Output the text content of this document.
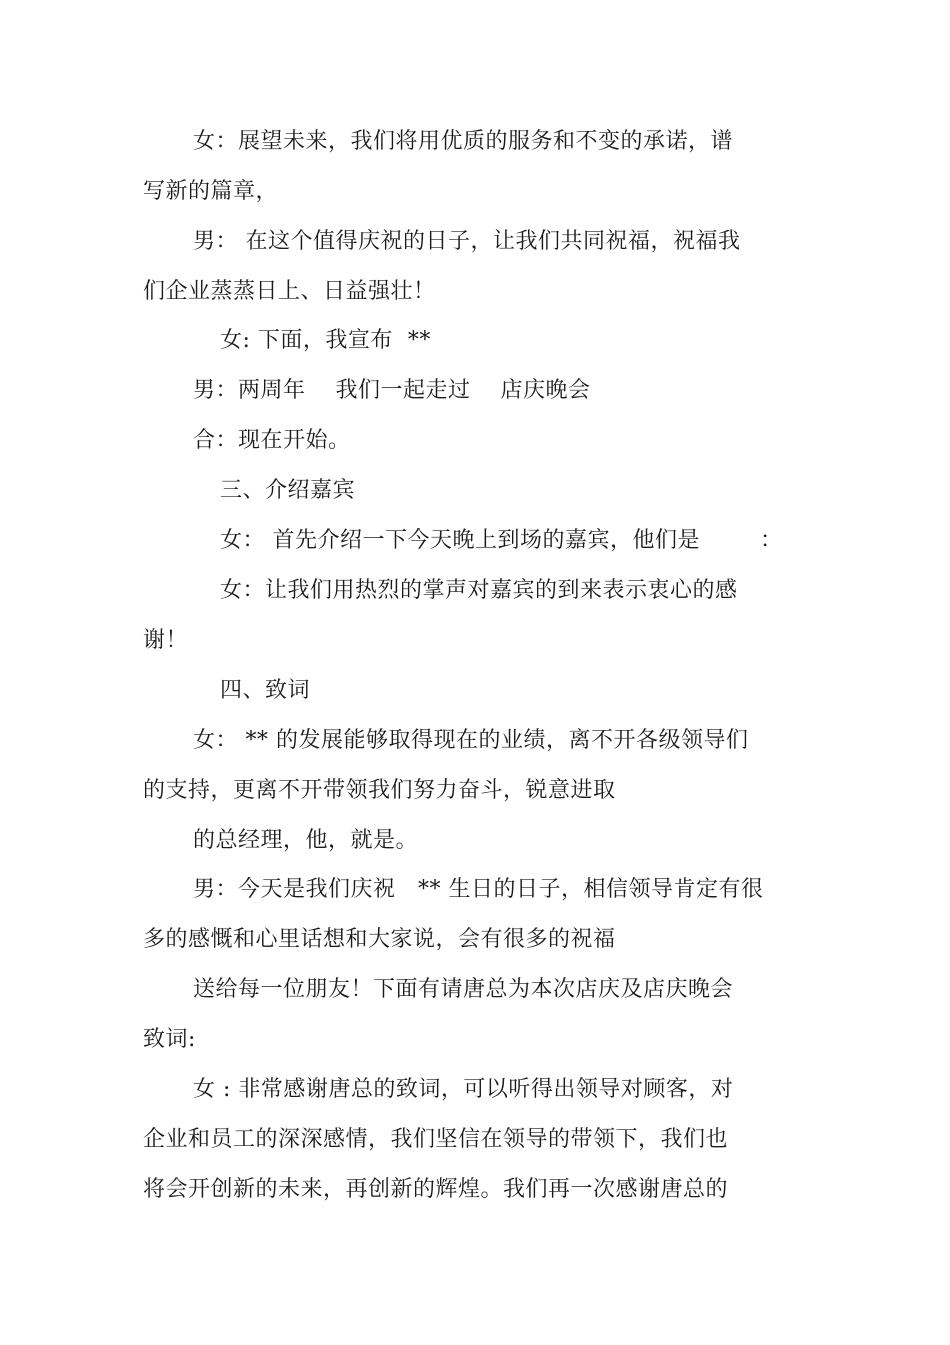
女：展望未来，我们将用优质的服务和不变的承诺，谱
写新的篇章，
男： 在这个值得庆祝的日子，让我们共同祝福，祝福我
们企业蒸蒸日上、日益强壮！
女: 下面，我宣布  **
男：两周年    我们一起走过    店庆晚会
合：现在开始。
三、介绍嘉宾
女： 首先介绍一下今天晚上到场的嘉宾，他们是        ：
女：让我们用热烈的掌声对嘉宾的到来表示衷心的感
谢！
四、致词
女： ** 的发展能够取得现在的业绩，离不开各级领导们
的支持，更离不开带领我们努力奋斗，锐意进取
的总经理，他，就是。
男：今天是我们庆祝   ** 生日的日子，相信领导肯定有很
多的感慨和心里话想和大家说，会有很多的祝福
送给每一位朋友！下面有请唐总为本次店庆及店庆晚会
致词:
女 : 非常感谢唐总的致词，可以听得出领导对顾客，对
企业和员工的深深感情，我们坚信在领导的带领下，我们也
将会开创新的未来，再创新的辉煌。我们再一次感谢唐总的
